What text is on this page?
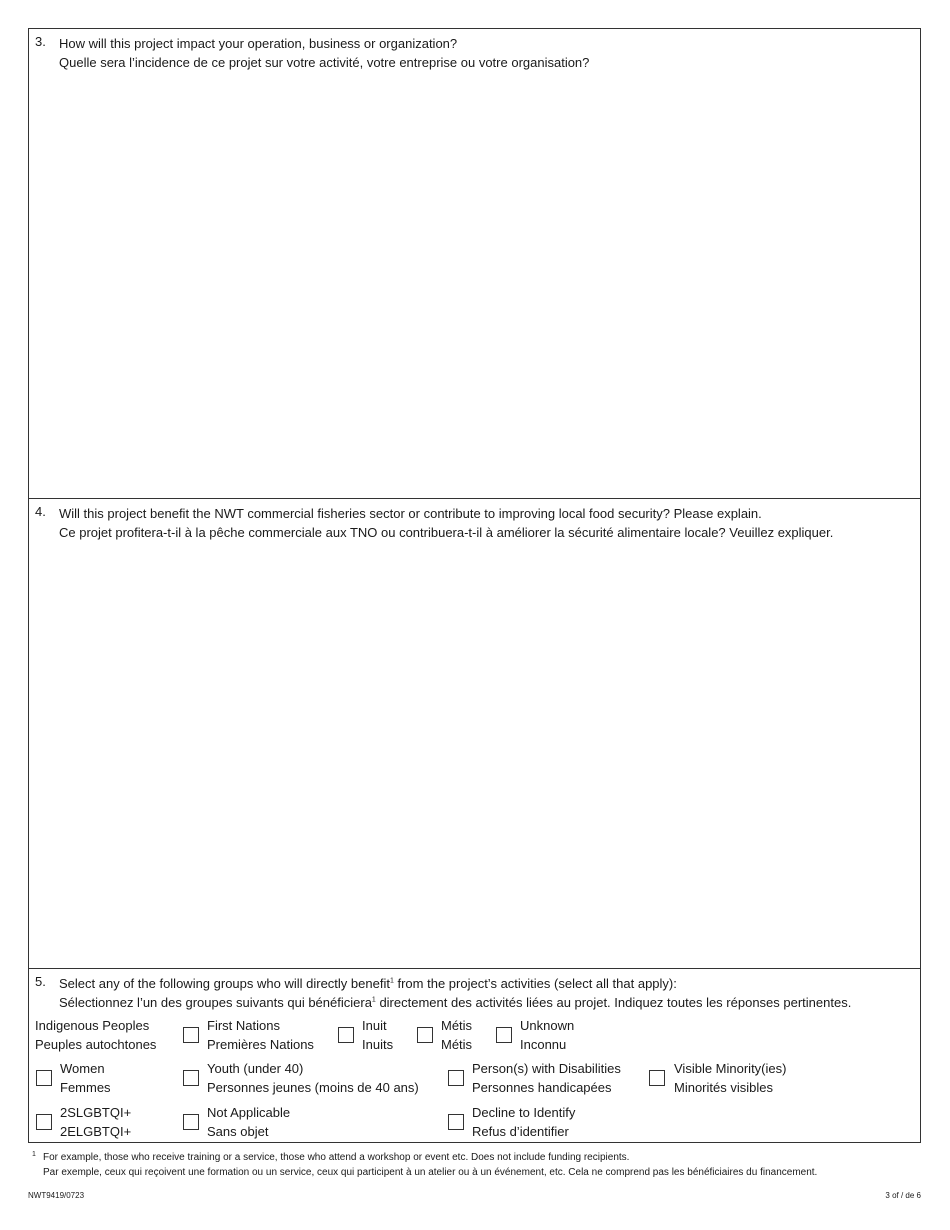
3. How will this project impact your operation, business or organization?
Quelle sera l’incidence de ce projet sur votre activité, votre entreprise ou votre organisation?
4. Will this project benefit the NWT commercial fisheries sector or contribute to improving local food security? Please explain.
Ce projet profitera-t-il à la pêche commerciale aux TNO ou contribuera-t-il à améliorer la sécurité alimentaire locale? Veuillez expliquer.
5. Select any of the following groups who will directly benefit$^1$ from the project’s activities (select all that apply):
Sélectionnez l’un des groupes suivants qui bénéficiera$^1$ directement des activités liées au projet. Indiquez toutes les réponses pertinentes.
Indigenous Peoples
Peuples autochtones
First Nations
Premières Nations
Inuit
Inuits
Métis
Métis
Unknown
Inconnu
Women
Femmes
Youth (under 40)
Personnes jeunes (moins de 40 ans)
Person(s) with Disabilities
Personnes handicapées
Visible Minority(ies)
Minorités visibles
2SLGBTQI+
2ELGBTQI+
Not Applicable
Sans objet
Decline to Identify
Refus d’identifier
1 For example, those who receive training or a service, those who attend a workshop or event etc. Does not include funding recipients.
Par exemple, ceux qui reçoivent une formation ou un service, ceux qui participent à un atelier ou à un événement, etc. Cela ne comprend pas les bénéficiaires du financement.
NWT9419/0723	3 of / de 6
